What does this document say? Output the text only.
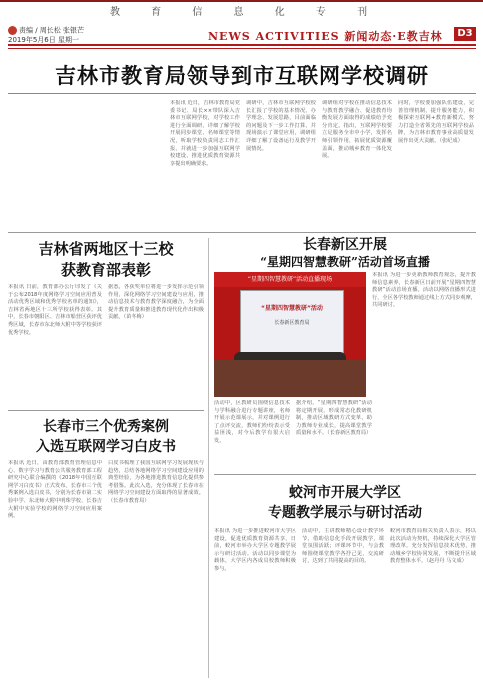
教 育 信 息 化 专 刊
责编 / 周长松 张银芒
2019年5月6日 星期一	NEWS ACTIVITIES 新闻动态·E教吉林	D3
吉林市教育局领导到市互联网学校调研
本报讯 近日，吉林市教育局党委书记、局长××带队深入吉林市互联网学校，对学校工作进行全面调研，详细了解学校开展同步课堂、名师课堂等情况，听取学校负责同志工作汇报，并就进一步加强互联网学校建设、推进优质教育资源共享提出明确要求。
调研中，吉林市互联网学校校长汇报了学校的基本情况、办学理念、发展思路，目前面临的问题及下一步工作打算，并现场演示了课堂应用，调研组详细了解了设备运行及教学开展情况。
调研组对学校在推动信息技术与教育教学融合、促进教育均衡发展方面取得的成绩给予充分肯定。指出，互联网学校要立足服务全市中小学，发挥名师引领作用，拓展优质资源覆盖面，推动城乡教育一体化发展。
同时，学校要加强队伍建设，完善管理机制，提升服务能力，积极探索互联网+教育新模式，努力打造全省领先的互联网学校品牌，为吉林市教育事业高质量发展作出更大贡献。（张纪成）
吉林省两地区十三校
获教育部表彰
本报讯 日前，教育部办公厅印发了《关于公布2018年度网络学习空间应用普及活动优秀区域和优秀学校名单的通知》，吉林省两地区十三所学校获得表彰。其中，长春市朝阳区、吉林市船营区获评优秀区域，长春市东北师大附中等学校获评优秀学校。
据悉，各获奖单位将进一步发挥示范引领作用，深化网络学习空间建设与应用，推动信息技术与教育教学深度融合，为全面提升教育质量和推进教育现代化作出积极贡献。（苗冬梅）
长春新区开展
“星期四智慧教研”活动首场直播
“星期四智慧教研”活动直播现场
“星期四智慧教研”活动
长春新区教育局
本报讯 为进一步更新教师教育观念，提升教师信息素养，长春新区日前开展“星期四智慧教研”活动首场直播。活动以网络直播形式进行，全区各学校教师通过线上方式同步观摩，共同研讨。
活动中，区教研员围绕信息技术与学科融合进行专题讲座，名师开展示范课展示，并对课例进行了点评交流，教师们纷纷表示受益匪浅，对今后教学有很大启发。
据介绍，“星期四智慧教研”活动将定期开展，形成常态化教研机制，推动区域教研方式变革，助力教师专业成长，提高课堂教学质量和水平。（长春新区教育局）
长春市三个优秀案例
入选互联网学习白皮书
本报讯 近日，由教育部教育管理信息中心、数字学习与教育公共服务教育部工程研究中心联合编撰的《2018年中国互联网学习白皮书》正式发布。长春市三个优秀案例入选白皮书，分别为长春市第二实验中学、东北师大附中明珠学校、长春吉大附中实验学校的网络学习空间应用案例。
白皮书梳理了我国互联网学习发展现状与趋势，总结各地网络学习空间建设应用的典型经验，为各地推进教育信息化提供参考借鉴。此次入选，充分体现了长春市在网络学习空间建设方面取得的显著成效。（长春市教育局）	蛟河市开展大学区
专题教学展示与研讨活动
本报讯 为进一步推进蛟河市大学区建设，促进优质教育资源共享，日前，蛟河市举办大学区专题教学展示与研讨活动。活动以同步课堂为载体，大学区内各成员校教师积极参与。
活动中，主讲教师精心设计教学环节，借助信息化手段开展教学，课堂氛围活跃；评课环节中，与会教师围绕课堂教学各抒己见，交流研讨，达到了共同提高的目的。
蛟河市教育局相关负责人表示，将以此次活动为契机，持续深化大学区管理改革，充分发挥信息技术优势，推动城乡学校协同发展，不断提升区域教育整体水平。（赵丹丹 马文成）
